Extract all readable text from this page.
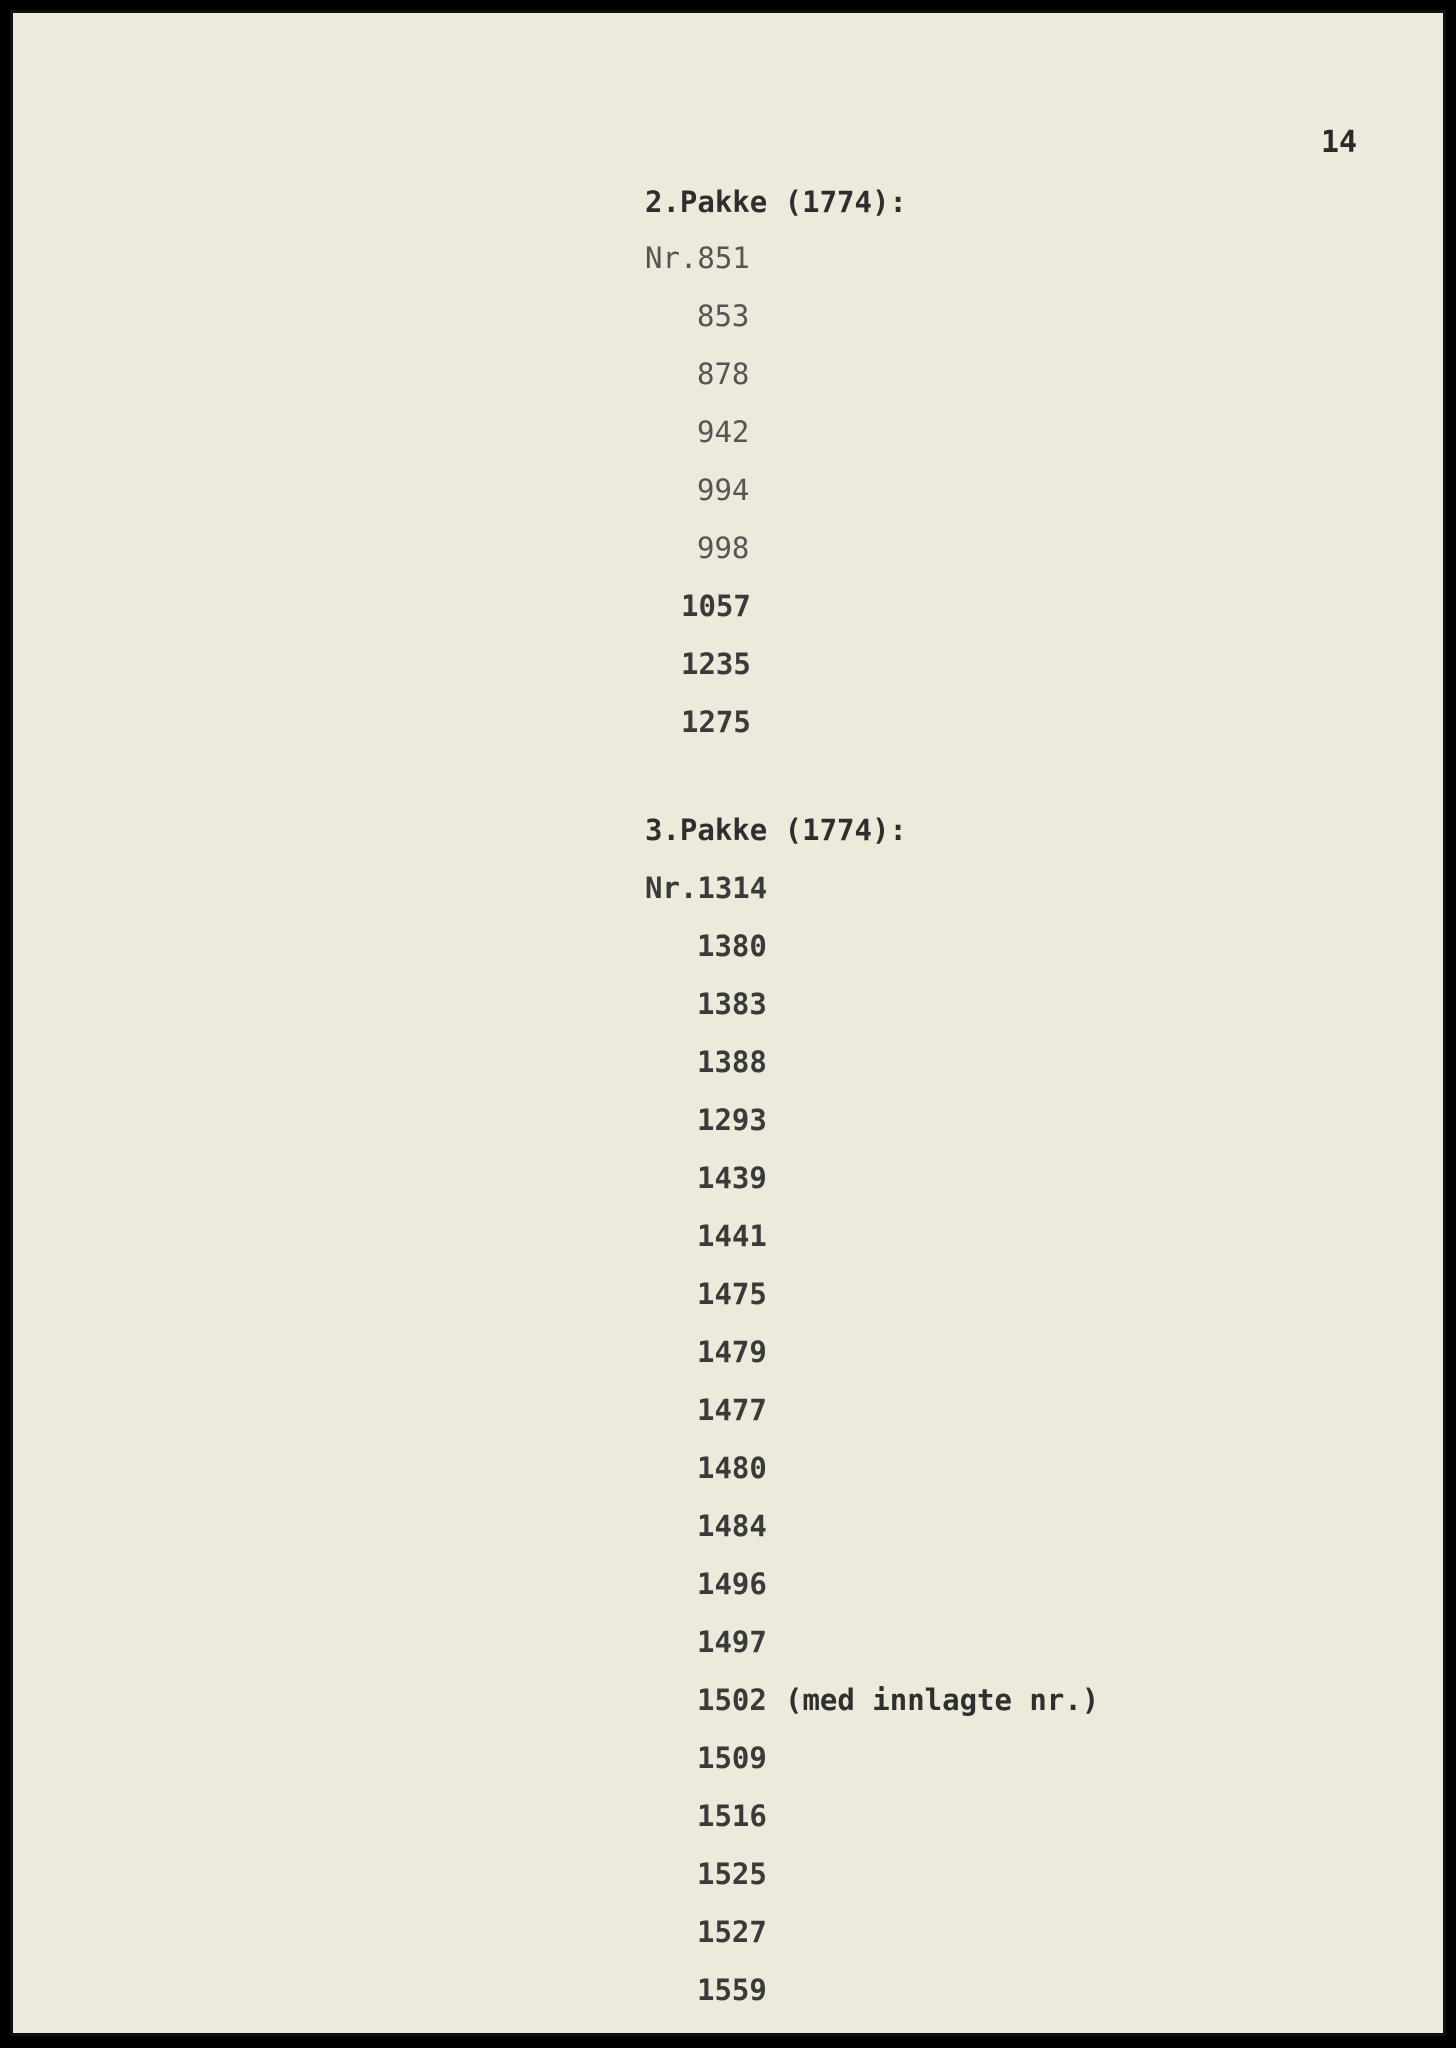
14
2.Pakke (1774):
Nr.851
853
878
942
994
998
1057
1235
1275
3.Pakke (1774):
Nr.1314
1380
1383
1388
1293
1439
1441
1475
1479
1477
1480
1484
1496
1497
1502 (med innlagte nr.)
1509
1516
1525
1527
1559
